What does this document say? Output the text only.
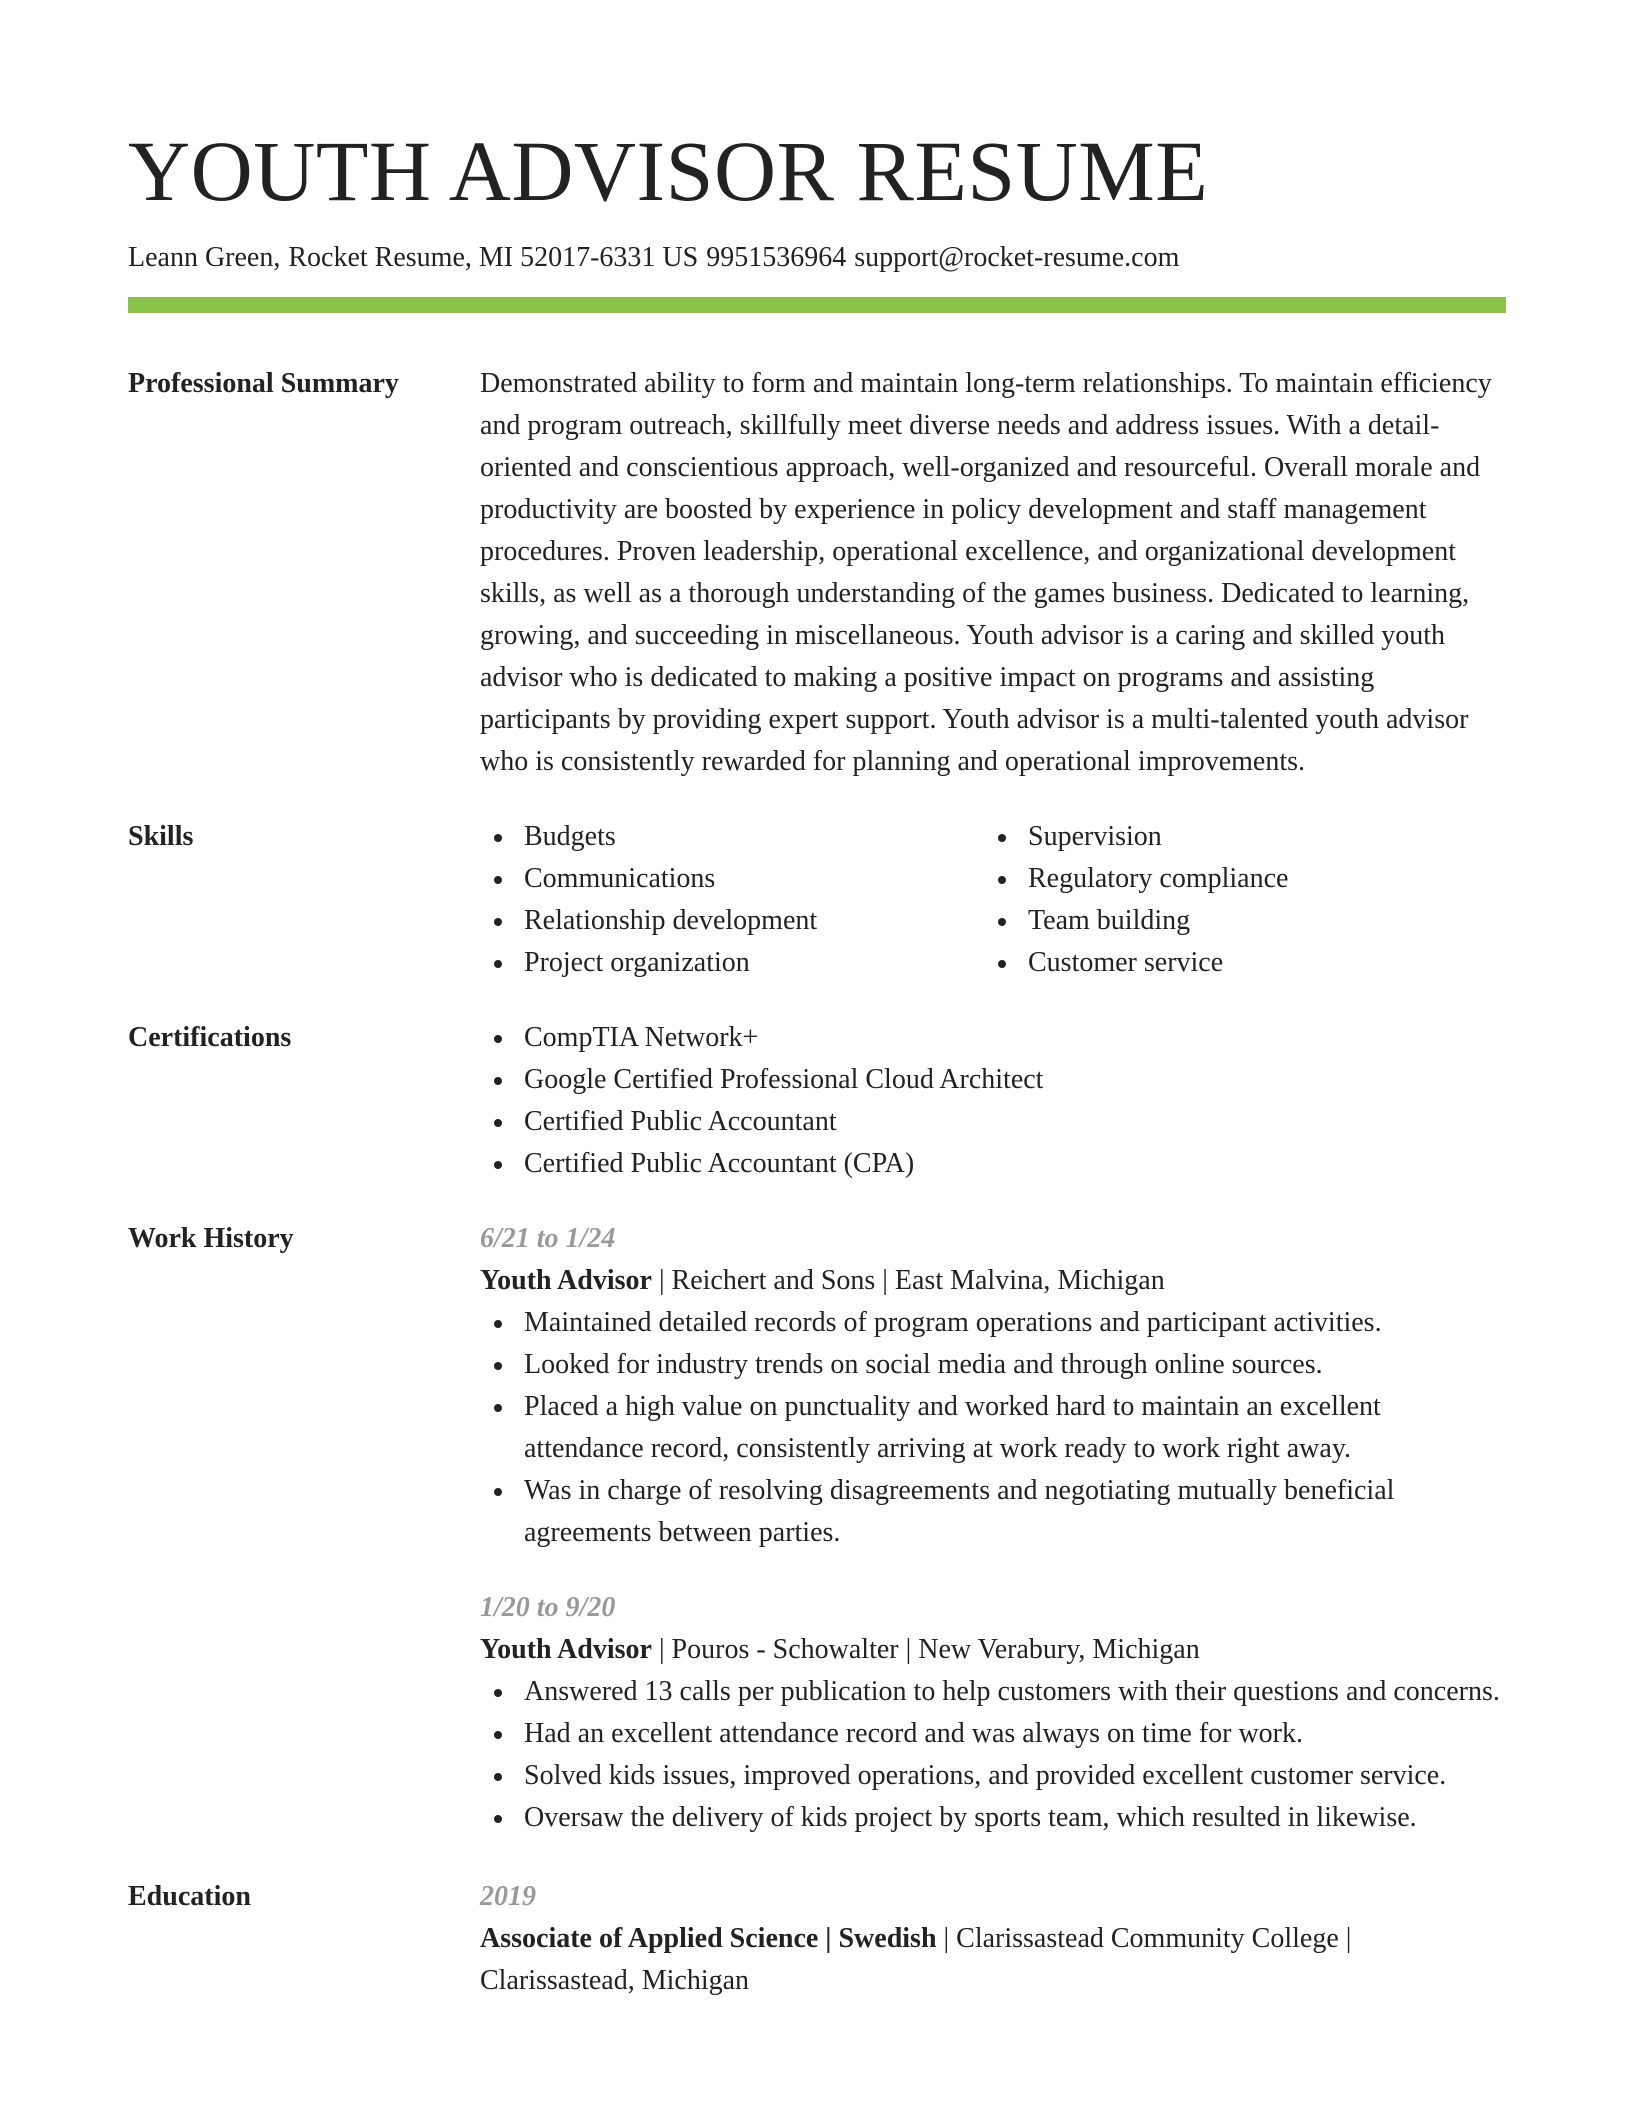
YOUTH ADVISOR RESUME
Leann Green, Rocket Resume, MI 52017-6331 US 9951536964 support@rocket-resume.com
Professional Summary	Demonstrated ability to form and maintain long-term relationships. To maintain efficiency and program outreach, skillfully meet diverse needs and address issues. With a detail-oriented and conscientious approach, well-organized and resourceful. Overall morale and productivity are boosted by experience in policy development and staff management procedures. Proven leadership, operational excellence, and organizational development skills, as well as a thorough understanding of the games business. Dedicated to learning, growing, and succeeding in miscellaneous. Youth advisor is a caring and skilled youth advisor who is dedicated to making a positive impact on programs and assisting participants by providing expert support. Youth advisor is a multi-talented youth advisor who is consistently rewarded for planning and operational improvements.

Skills	Budgets
Communications
Relationship development
Project organization
Supervision
Regulatory compliance
Team building
Customer service
Certifications	CompTIA Network+
Google Certified Professional Cloud Architect
Certified Public Accountant
Certified Public Accountant (CPA)
Work History	6/21 to 1/24
Youth Advisor | Reichert and Sons | East Malvina, Michigan
Maintained detailed records of program operations and participant activities.
Looked for industry trends on social media and through online sources.
Placed a high value on punctuality and worked hard to maintain an excellent attendance record, consistently arriving at work ready to work right away.
Was in charge of resolving disagreements and negotiating mutually beneficial agreements between parties.
1/20 to 9/20
Youth Advisor | Pouros - Schowalter | New Verabury, Michigan
Answered 13 calls per publication to help customers with their questions and concerns.
Had an excellent attendance record and was always on time for work.
Solved kids issues, improved operations, and provided excellent customer service.
Oversaw the delivery of kids project by sports team, which resulted in likewise.
Education	2019
Associate of Applied Science | Swedish | Clarissastead Community College | Clarissastead, Michigan
